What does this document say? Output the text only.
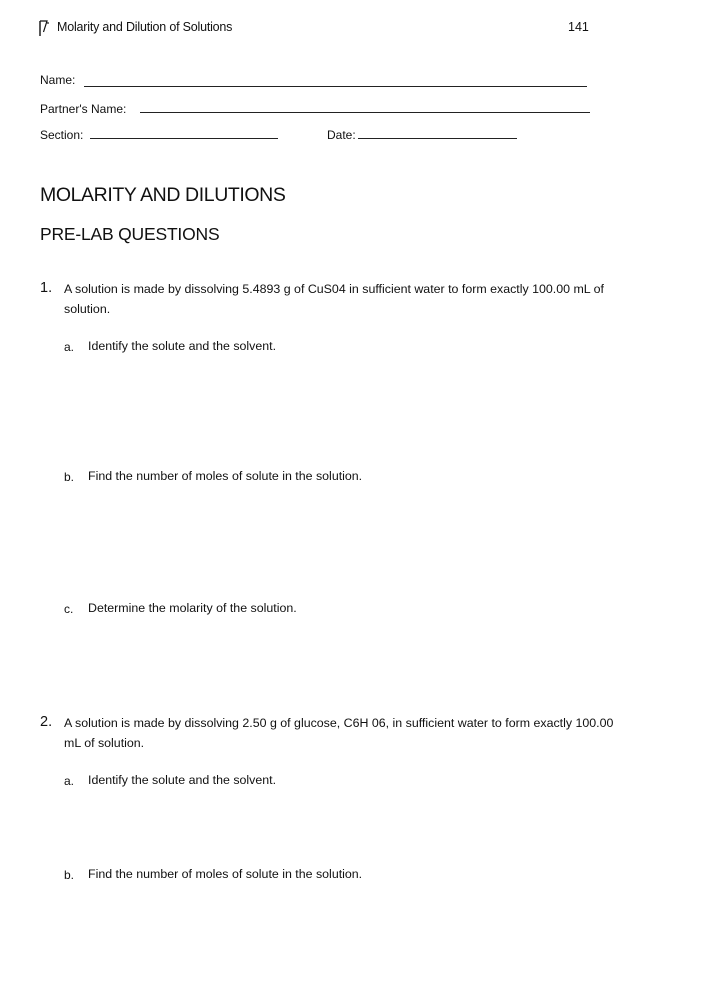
Molarity and Dilution of Solutions	141
Name:
Partner's Name:
Section:	Date:
MOLARITY AND DILUTIONS
PRE-LAB QUESTIONS
1. A solution is made by dissolving 5.4893 g of CuS04 in sufficient water to form exactly 100.00 mL of solution.
a. Identify the solute and the solvent.
b. Find the number of moles of solute in the solution.
c. Determine the molarity of the solution.
2. A solution is made by dissolving 2.50 g of glucose, C6H 06, in sufficient water to form exactly 100.00 mL of solution.
a. Identify the solute and the solvent.
b. Find the number of moles of solute in the solution.
